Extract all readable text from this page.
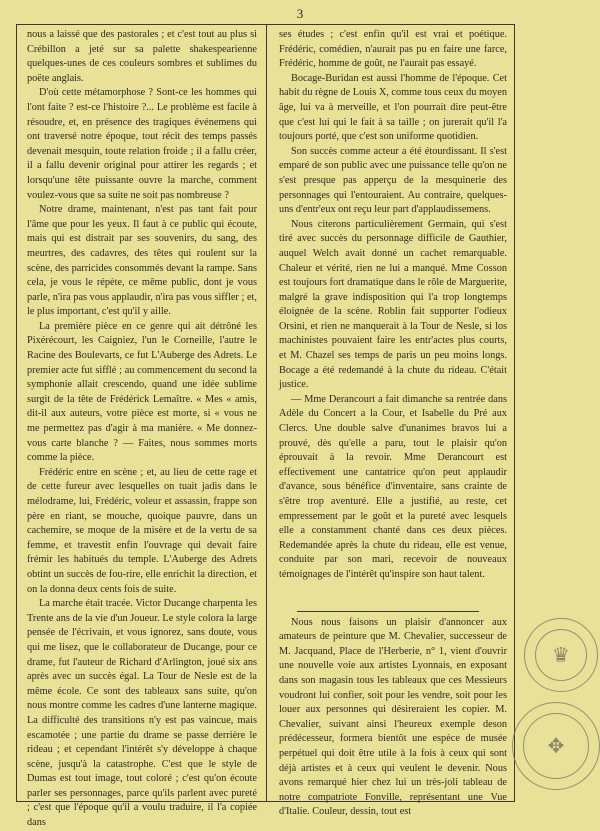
3

nous a laissé que des pastorales ; et c'est tout au plus si Crébillon a jeté sur sa palette shakespearienne quelques-unes de ces couleurs sombres et sublimes du poëte anglais.

D'où cette métamorphose ? Sont-ce les hommes qui l'ont faite ? est-ce l'histoire ?... Le problème est facile à résoudre, et, en présence des tragiques événemens qui ont traversé notre époque, tout récit des temps passés devenait mesquin, toute relation froide ; il a fallu créer, il a fallu devenir original pour attirer les regards ; et lorsqu'une tête puissante ouvre la marche, comment voulez-vous que sa suite ne soit pas nombreuse ?

Notre drame, maintenant, n'est pas tant fait pour l'âme que pour les yeux. Il faut à ce public qui écoute, mais qui est distrait par ses souvenirs, du sang, des meurtres, des cadavres, des têtes qui roulent sur la scène, des parricides consommés devant la rampe. Sans cela, je vous le répète, ce même public, dont je vous parle, n'ira pas vous applaudir, n'ira pas vous siffler ; et, le plus important, c'est qu'il y aille.

La première pièce en ce genre qui ait détrôné les Pixérécourt, les Caigniez, l'un le Corneille, l'autre le Racine des Boulevarts, ce fut L'Auberge des Adrets. Le premier acte fut sifflé ; au commencement du second la symphonie allait crescendo, quand une idée sublime surgit de la tête de Frédérick Lemaître. « Mes « amis, dit-il aux auteurs, votre pièce est morte, si « vous ne me permettez pas d'agir à ma manière. « Me donnez-vous carte blanche ? — Faites, nous sommes morts comme la pièce.

Frédéric entre en scène ; et, au lieu de cette rage et de cette fureur avec lesquelles on tuait jadis dans le mélodrame, lui, Frédéric, voleur et assassin, frappe son père en riant, se mouche, quoique pauvre, dans un cachemire, se moque de la misère et de la vertu de sa femme, et travestit enfin l'ouvrage qui devait faire frémir les habitués du temple. L'Auberge des Adrets obtint un succès de fou-rire, elle enrichit la direction, et on la donna deux cents fois de suite.

La marche était tracée. Victor Ducange charpenta les Trente ans de la vie d'un Joueur. Le style colora la large pensée de l'écrivain, et vous ignorez, sans doute, vous qui me lisez, que le collaborateur de Ducange, pour ce drame, fut l'auteur de Richard d'Arlington, joué six ans après avec un succès égal. La Tour de Nesle est de la même école. Ce sont des tableaux sans suite, qu'on nous montre comme les cadres d'une lanterne magique. La difficulté des transitions n'y est pas vaincue, mais escamotée ; une partie du drame se passe derrière le rideau ; et cependant l'intérêt s'y développe à chaque scène, jusqu'à la catastrophe. C'est que le style de Dumas est tout image, tout coloré ; c'est qu'on écoute parler ses personnages, parce qu'ils parlent avec pureté ; c'est que l'époque qu'il a voulu traduire, il l'a copiée dans

ses études ; c'est enfin qu'il est vrai et poétique. Frédéric, comédien, n'aurait pas pu en faire une farce, Frédéric, homme de goût, ne l'aurait pas essayé.

Bocage-Buridan est aussi l'homme de l'époque. Cet habit du règne de Louis X, comme tous ceux du moyen âge, lui va à merveille, et l'on pourrait dire peut-être que c'est lui qui le fait à sa taille ; on jurerait qu'il l'a toujours porté, que c'est son uniforme quotidien.

Son succès comme acteur a été étourdissant. Il s'est emparé de son public avec une puissance telle qu'on ne s'est presque pas apperçu de la mesquinerie des personnages qui l'entouraient. Au contraire, quelques-uns d'entr'eux ont reçu leur part d'applaudissemens.

Nous citerons particulièrement Germain, qui s'est tiré avec succès du personnage difficile de Gauthier, auquel Welch avait donné un cachet remarquable. Chaleur et vérité, rien ne lui a manqué. Mme Cosson est toujours fort dramatique dans le rôle de Marguerite, malgré la grave indisposition qui l'a trop longtemps éloignée de la scène. Roblin fait supporter l'odieux Orsini, et rien ne manquerait à la Tour de Nesle, si los machinistes pouvaient faire les entr'actes plus courts, et M. Chazel ses temps de paris un peu moins longs. Bocage a été redemandé à la chute du rideau. C'était justice.

— Mme Derancourt a fait dimanche sa rentrée dans Adèle du Concert a la Cour, et Isabelle du Pré aux Clercs. Une double salve d'unanimes bravos lui a prouvé, dès qu'elle a paru, tout le plaisir qu'on éprouvait à la revoir. Mme Derancourt est effectivement une cantatrice qu'on peut applaudir d'avance, sous bénéfice d'inventaire, sans crainte de s'être trop aventuré. Elle a justifié, au reste, cet empressement par le goût et la pureté avec lesquels elle a constamment chanté dans ces deux pièces. Redemandée après la chute du rideau, elle est venue, conduite par son mari, recevoir de nouveaux témoignages de l'intérêt qu'inspire son haut talent.

Nous nous faisons un plaisir d'annoncer aux amateurs de peinture que M. Chevalier, successeur de M. Jacquand, Place de l'Herberie, n° 1, vient d'ouvrir une nouvelle voie aux artistes Lyonnais, en exposant dans son magasin tous les tableaux que ces Messieurs voudront lui confier, soit pour les vendre, soit pour les louer aux personnes qui désireraient les copier. M. Chevalier, suivant ainsi l'heureux exemple deson prédécesseur, formera bientôt une espèce de musée perpétuel qui doit être utile à la fois à ceux qui sont déjà artistes et à ceux qui veulent le devenir. Nous avons remarqué hier chez lui un très-joli tableau de notre compatriote Fonville, représentant une Vue d'Italie. Couleur, dessin, tout est

♛
✥
